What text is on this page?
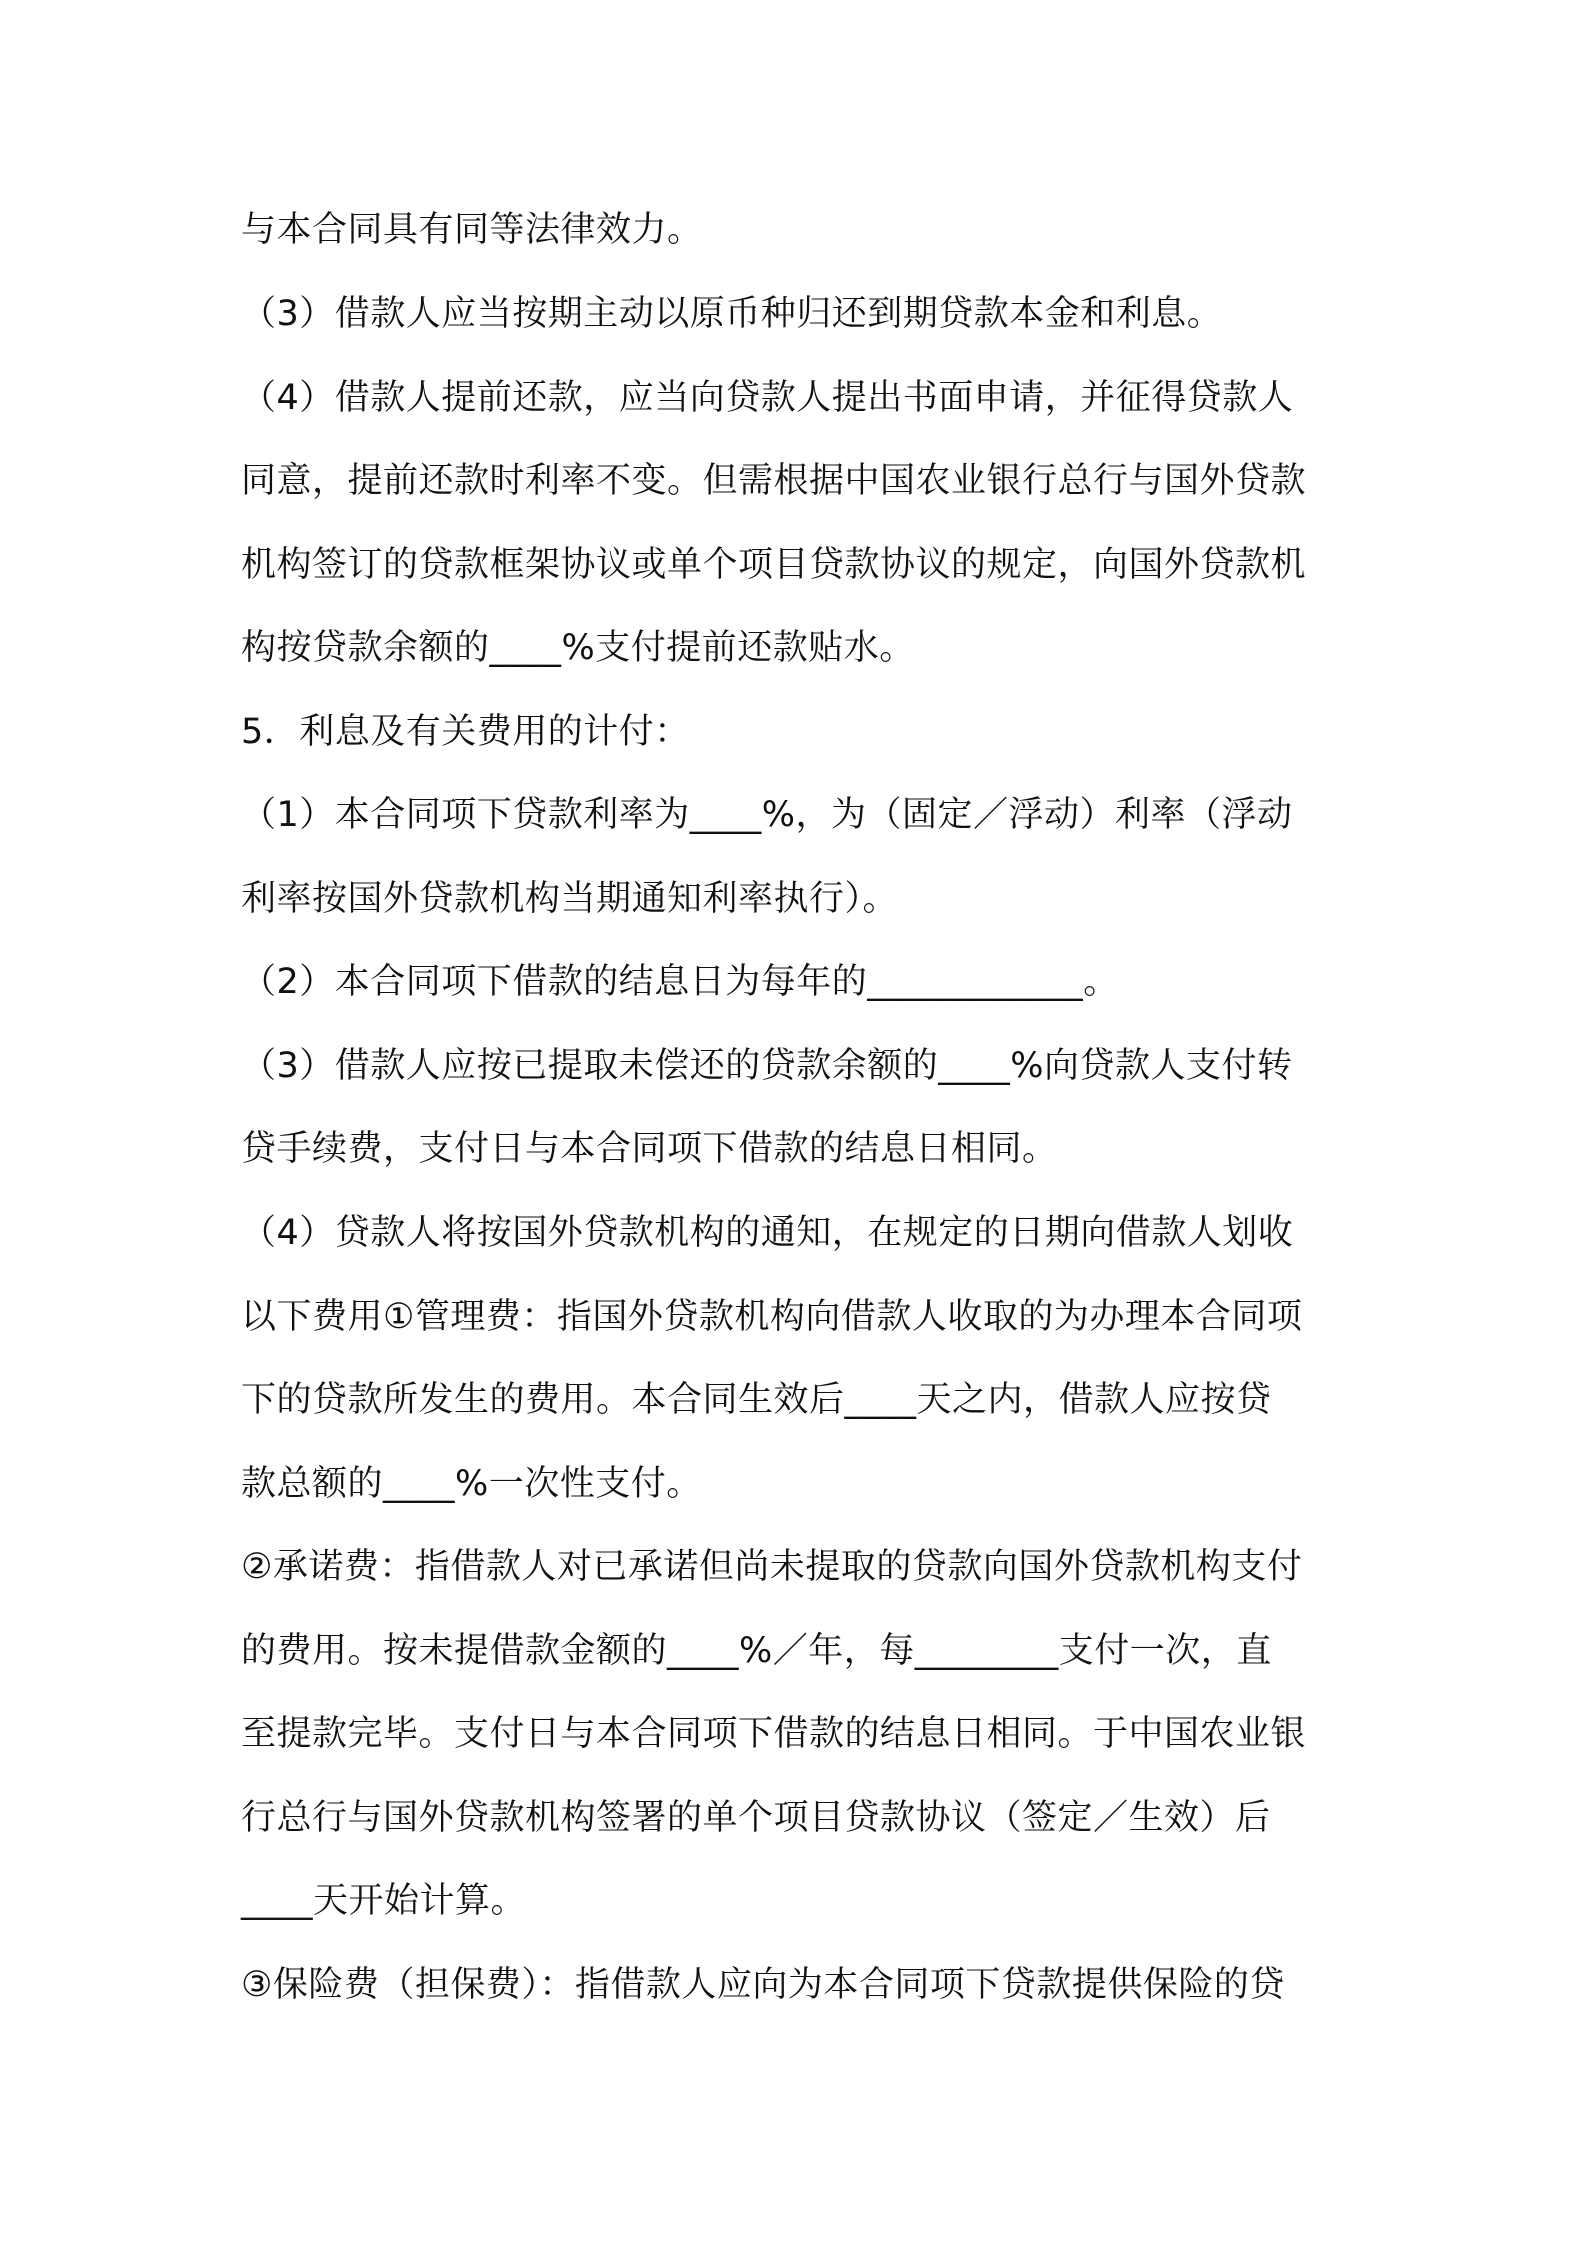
与本合同具有同等法律效力。

（3）借款人应当按期主动以原币种归还到期贷款本金和利息。

（4）借款人提前还款，应当向贷款人提出书面申请，并征得贷款人

同意，提前还款时利率不变。但需根据中国农业银行总行与国外贷款

机构签订的贷款框架协议或单个项目贷款协议的规定，向国外贷款机

构按贷款余额的____%支付提前还款贴水。

5．利息及有关费用的计付：

（1）本合同项下贷款利率为____%，为（固定／浮动）利率（浮动

利率按国外贷款机构当期通知利率执行）。

（2）本合同项下借款的结息日为每年的____________。

（3）借款人应按已提取未偿还的贷款余额的____%向贷款人支付转

贷手续费，支付日与本合同项下借款的结息日相同。

（4）贷款人将按国外贷款机构的通知，在规定的日期向借款人划收

以下费用①管理费：指国外贷款机构向借款人收取的为办理本合同项

下的贷款所发生的费用。本合同生效后____天之内，借款人应按贷

款总额的____%一次性支付。

②承诺费：指借款人对已承诺但尚未提取的贷款向国外贷款机构支付

的费用。按未提借款金额的____%／年，每________支付一次，直

至提款完毕。支付日与本合同项下借款的结息日相同。于中国农业银

行总行与国外贷款机构签署的单个项目贷款协议（签定／生效）后

____天开始计算。

③保险费（担保费）：指借款人应向为本合同项下贷款提供保险的贷
